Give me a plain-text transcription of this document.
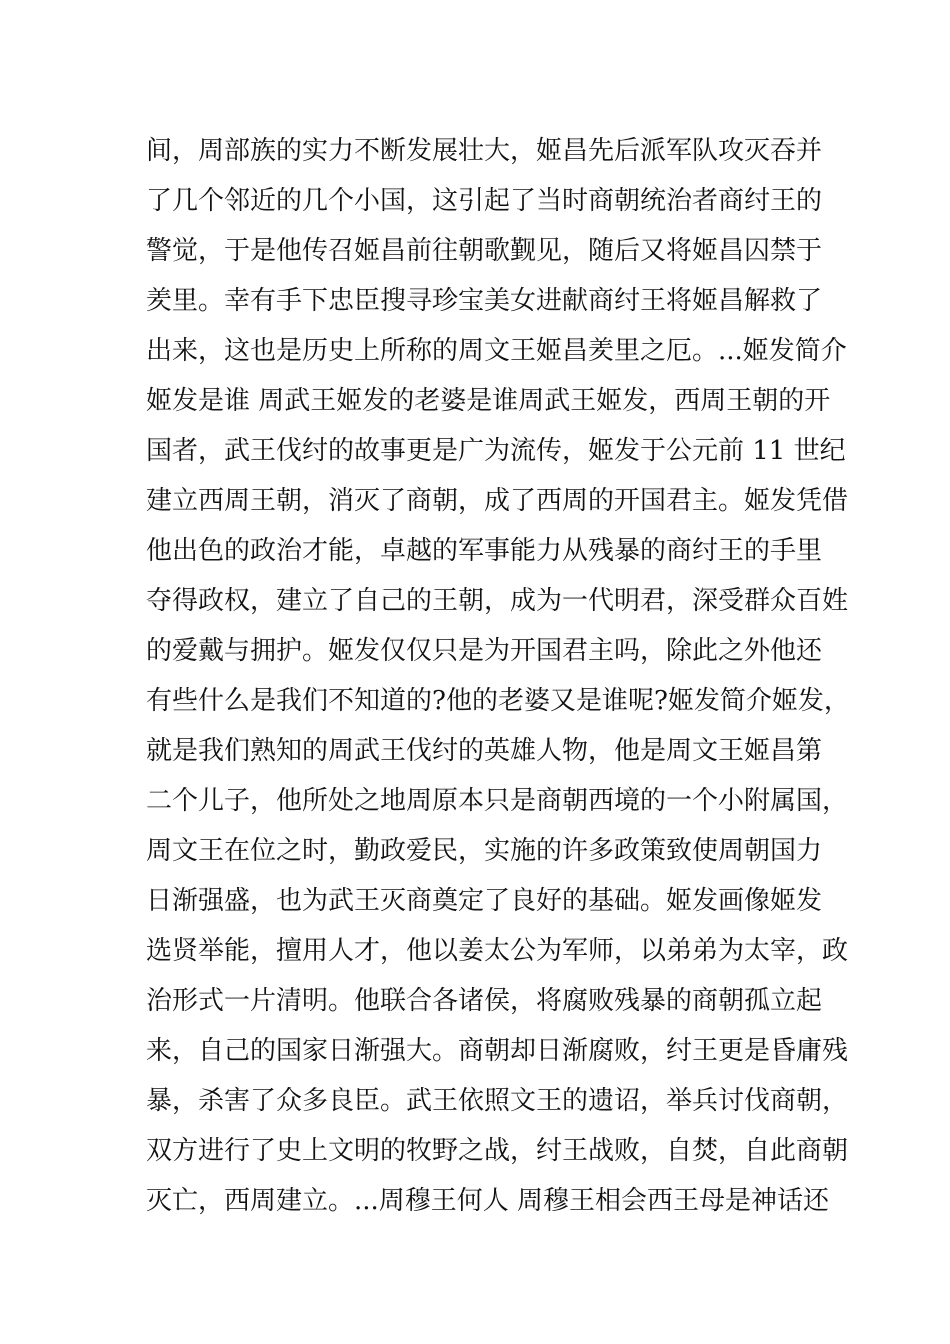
间，周部族的实力不断发展壮大，姬昌先后派军队攻灭吞并
了几个邻近的几个小国，这引起了当时商朝统治者商纣王的
警觉，于是他传召姬昌前往朝歌觐见，随后又将姬昌囚禁于
羑里。幸有手下忠臣搜寻珍宝美女进献商纣王将姬昌解救了
出来，这也是历史上所称的周文王姬昌羑里之厄。...姬发简介
姬发是谁 周武王姬发的老婆是谁周武王姬发，西周王朝的开
国者，武王伐纣的故事更是广为流传，姬发于公元前 11 世纪
建立西周王朝，消灭了商朝，成了西周的开国君主。姬发凭借
他出色的政治才能，卓越的军事能力从残暴的商纣王的手里
夺得政权，建立了自己的王朝，成为一代明君，深受群众百姓
的爱戴与拥护。姬发仅仅只是为开国君主吗，除此之外他还
有些什么是我们不知道的?他的老婆又是谁呢?姬发简介姬发，
就是我们熟知的周武王伐纣的英雄人物，他是周文王姬昌第
二个儿子，他所处之地周原本只是商朝西境的一个小附属国，
周文王在位之时，勤政爱民，实施的许多政策致使周朝国力
日渐强盛，也为武王灭商奠定了良好的基础。姬发画像姬发
选贤举能，擅用人才，他以姜太公为军师，以弟弟为太宰，政
治形式一片清明。他联合各诸侯，将腐败残暴的商朝孤立起
来，自己的国家日渐强大。商朝却日渐腐败，纣王更是昏庸残
暴，杀害了众多良臣。武王依照文王的遗诏，举兵讨伐商朝，
双方进行了史上文明的牧野之战，纣王战败，自焚，自此商朝
灭亡，西周建立。...周穆王何人 周穆王相会西王母是神话还
